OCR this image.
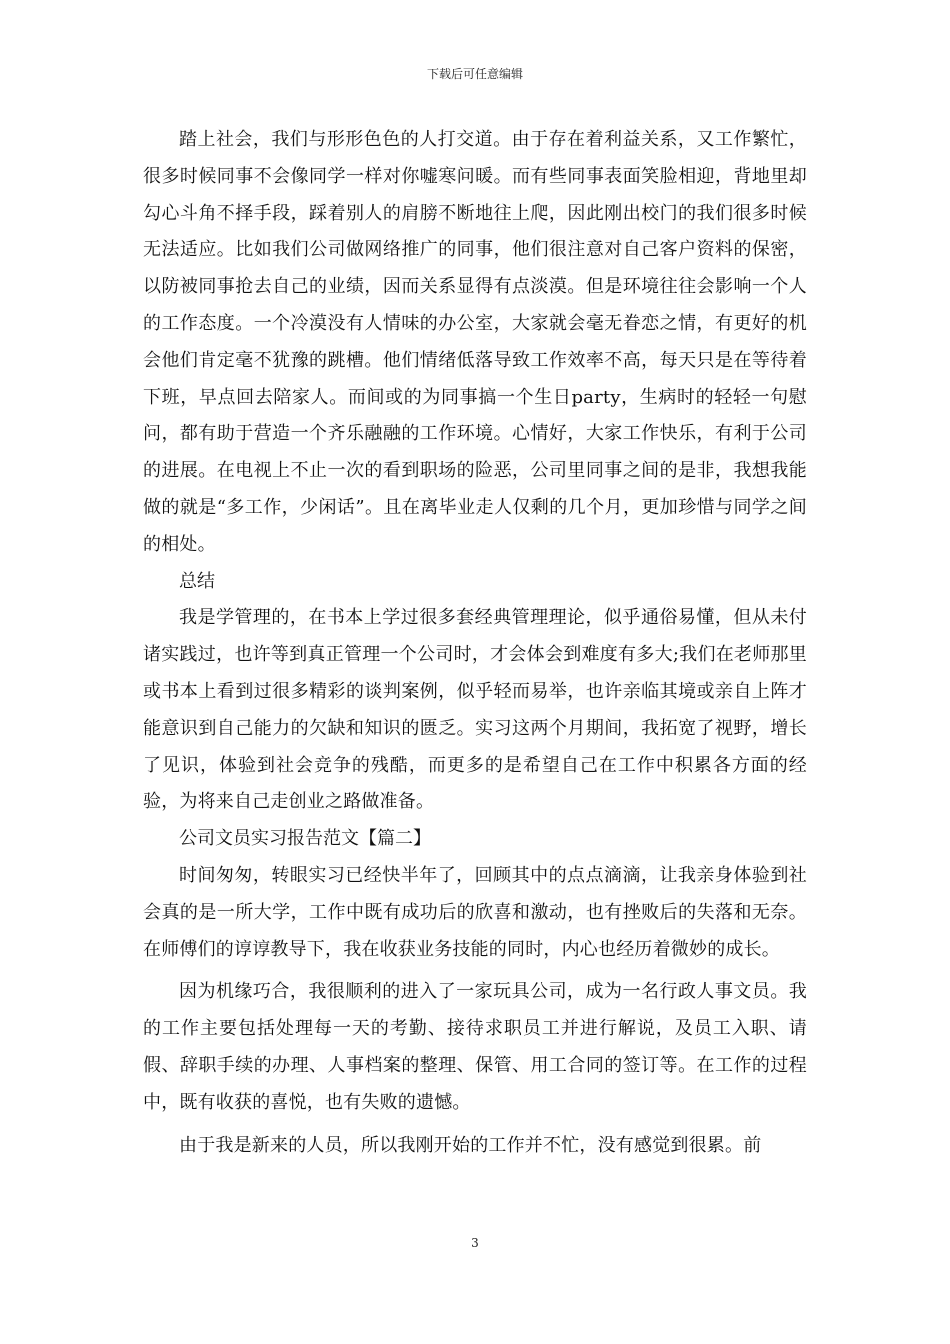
下载后可任意编辑

踏上社会，我们与形形色色的人打交道。由于存在着利益关系，又工作繁忙，很多时候同事不会像同学一样对你嘘寒问暖。而有些同事表面笑脸相迎，背地里却勾心斗角不择手段，踩着别人的肩膀不断地往上爬，因此刚出校门的我们很多时候无法适应。比如我们公司做网络推广的同事，他们很注意对自己客户资料的保密，以防被同事抢去自己的业绩，因而关系显得有点淡漠。但是环境往往会影响一个人的工作态度。一个冷漠没有人情味的办公室，大家就会毫无眷恋之情，有更好的机会他们肯定毫不犹豫的跳槽。他们情绪低落导致工作效率不高，每天只是在等待着下班，早点回去陪家人。而间或的为同事搞一个生日party，生病时的轻轻一句慰问，都有助于营造一个齐乐融融的工作环境。心情好，大家工作快乐，有利于公司的进展。在电视上不止一次的看到职场的险恶，公司里同事之间的是非，我想我能做的就是“多工作，少闲话”。且在离毕业走人仅剩的几个月，更加珍惜与同学之间的相处。

总结

我是学管理的，在书本上学过很多套经典管理理论，似乎通俗易懂，但从未付诸实践过，也许等到真正管理一个公司时，才会体会到难度有多大;我们在老师那里或书本上看到过很多精彩的谈判案例，似乎轻而易举，也许亲临其境或亲自上阵才能意识到自己能力的欠缺和知识的匮乏。实习这两个月期间，我拓宽了视野，增长了见识，体验到社会竞争的残酷，而更多的是希望自己在工作中积累各方面的经验，为将来自己走创业之路做准备。

公司文员实习报告范文【篇二】

时间匆匆，转眼实习已经快半年了，回顾其中的点点滴滴，让我亲身体验到社会真的是一所大学，工作中既有成功后的欣喜和激动，也有挫败后的失落和无奈。在师傅们的谆谆教导下，我在收获业务技能的同时，内心也经历着微妙的成长。

因为机缘巧合，我很顺利的进入了一家玩具公司，成为一名行政人事文员。我的工作主要包括处理每一天的考勤、接待求职员工并进行解说，及员工入职、请假、辞职手续的办理、人事档案的整理、保管、用工合同的签订等。在工作的过程中，既有收获的喜悦，也有失败的遗憾。

由于我是新来的人员，所以我刚开始的工作并不忙，没有感觉到很累。前

3
